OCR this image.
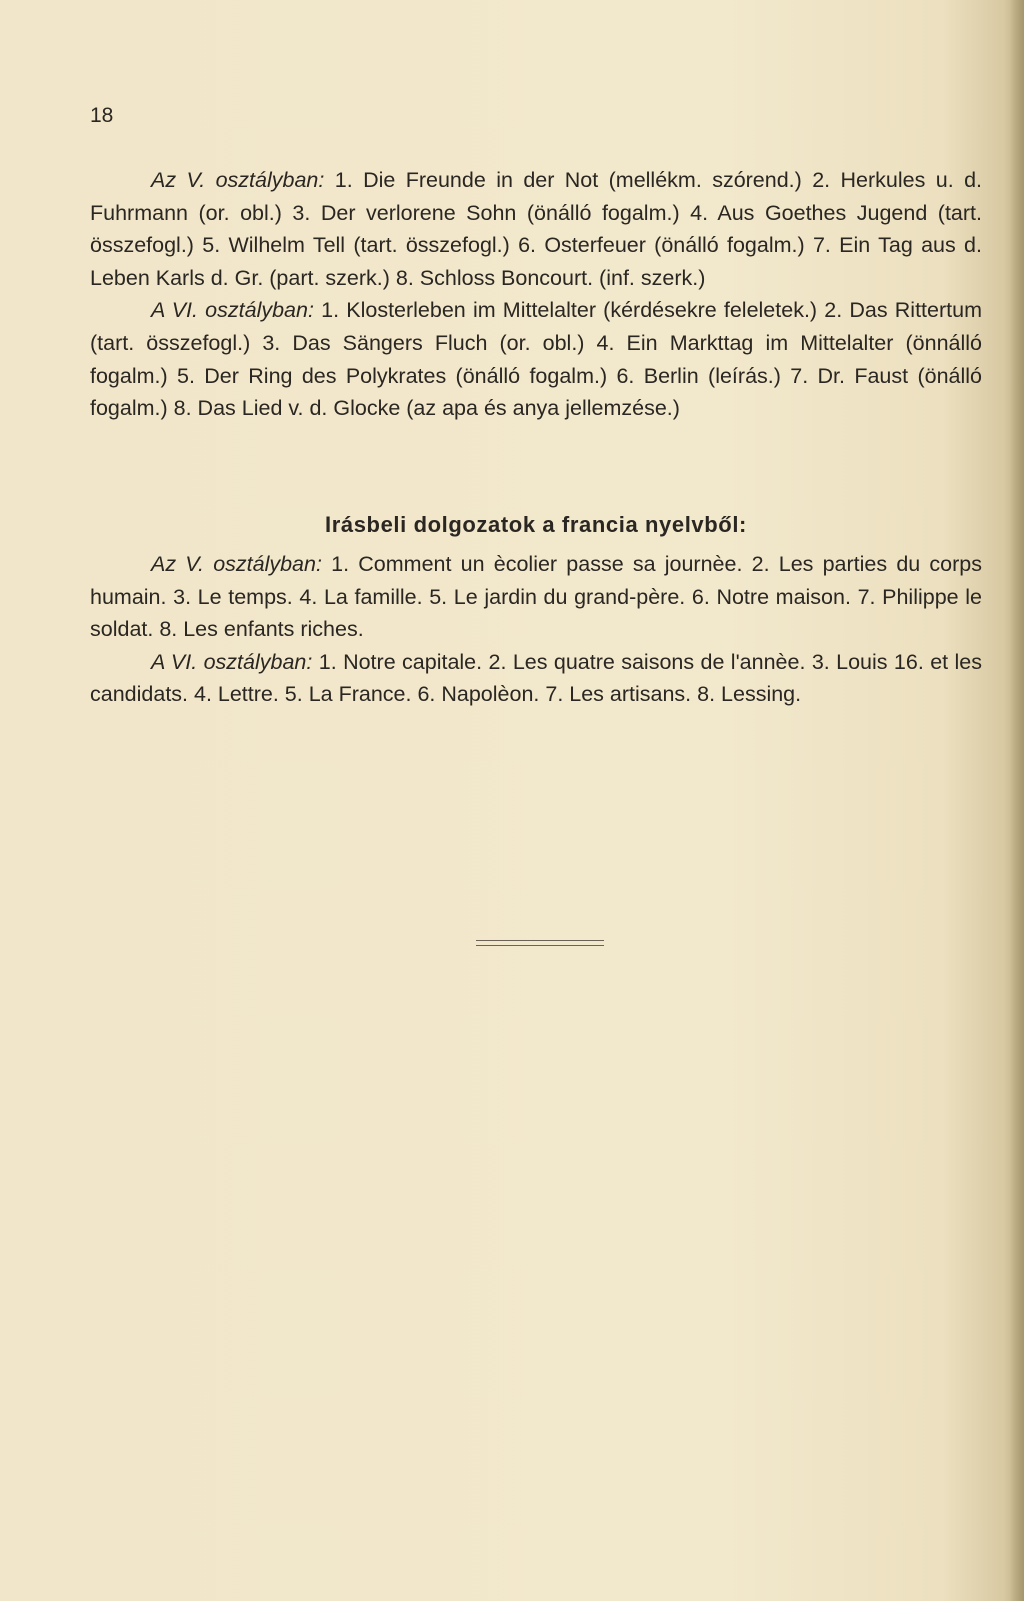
18

Az V. osztályban: 1. Die Freunde in der Not (mellékm. szórend.) 2. Herkules u. d. Fuhrmann (or. obl.) 3. Der verlorene Sohn (önálló fogalm.) 4. Aus Goethes Jugend (tart. összefogl.) 5. Wilhelm Tell (tart. összefogl.) 6. Osterfeuer (önálló fogalm.) 7. Ein Tag aus d. Leben Karls d. Gr. (part. szerk.) 8. Schloss Boncourt. (inf. szerk.)

A VI. osztályban: 1. Klosterleben im Mittelalter (kérdésekre feleletek.) 2. Das Rittertum (tart. összefogl.) 3. Das Sängers Fluch (or. obl.) 4. Ein Markttag im Mittelalter (önnálló fogalm.) 5. Der Ring des Polykrates (önálló fogalm.) 6. Berlin (leírás.) 7. Dr. Faust (önálló fogalm.) 8. Das Lied v. d. Glocke (az apa és anya jellemzése.)

Irásbeli dolgozatok a francia nyelvből:

Az V. osztályban: 1. Comment un ècolier passe sa journèe. 2. Les parties du corps humain. 3. Le temps. 4. La famille. 5. Le jardin du grand-père. 6. Notre maison. 7. Philippe le soldat. 8. Les enfants riches.

A VI. osztályban: 1. Notre capitale. 2. Les quatre saisons de l'annèe. 3. Louis 16. et les candidats. 4. Lettre. 5. La France. 6. Napolèon. 7. Les artisans. 8. Lessing.
